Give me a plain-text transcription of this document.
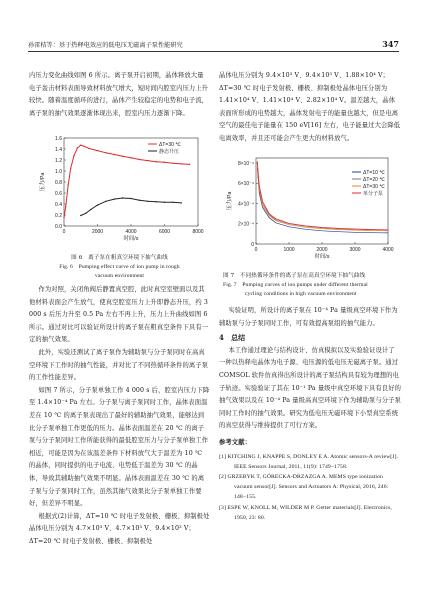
孙雷桔等：基于热释电效应的低电压无磁离子泵性能研究	347

内压力变化曲线如图 6 所示。离子泵开启初期，晶体释放大量电子轰击材料表面导致材料放气增大，短时间内腔室内压力上升较快。随着温度循环的进行，晶体产生较稳定的电势和电子流，离子泵的抽气效果逐渐体现出来，腔室内压力逐渐下降。

0	2000	4000	6000	8000
0.0
0.2
0.4
0.6
0.8
1.0
1.2
1.4
1.6
时间/s
压力/Pa
ΔT=30 ℃
静态升压
图 6　离子泵在粗真空环境下抽气曲线
Fig. 6　Pumping effect curve of ion pump in rough
vacuum environment

作为对照，关闭角阀后静置真空腔，此时真空室壁面以及其他材料表面会产生放气，使真空腔室压力上升即静态升压，约 3 000 s 后压力升至 0.5 Pa 左右不再上升，压力上升曲线如图 6 所示。通过对比可以验证所设计的离子泵在粗真空条件下具有一定的抽气效果。

此外，实验还测试了离子泵作为辅助泵与分子泵同时在高真空环境下工作时的抽气性能，并对比了不同热循环条件的离子泵的工作性能差异。

如图 7 所示，分子泵单独工作 4 000 s 后，腔室内压力下降至 1.4×10⁻⁴ Pa 左右。分子泵与离子泵同时工作，晶体表面温差在 10 ℃ 的离子泵表现出了最好的辅助抽气效果，能够达到比分子泵单独工作更低的压力。晶体表面温差在 20 ℃ 的离子泵与分子泵同时工作所能获得的最低腔室压力与分子泵单独工作相近，可能是因为在该温差条件下材料放气大于温差为 10 ℃ 的晶体，同时提供的电子电流、电势低于温差为 30 ℃ 的晶体，导致其辅助抽气效果不明显。晶体表面温差在 30 ℃ 的离子泵与分子泵同时工作，虽然其抽气效果比分子泵单独工作要好，但差异不明显。

根据式(2)计算，ΔT=10 ℃ 时电子发射极、栅极、抑制极处晶体电压分别为 4.7×10³ V、4.7×10³ V、9.4×10³ V；ΔT=20 ℃ 时电子发射极、栅极、抑制极处

晶体电压分别为 9.4×10³ V、9.4×10³ V、1.88×10⁴ V；ΔT=30 ℃ 时电子发射极、栅极、抑制极处晶体电压分别为 1.41×10⁴ V、1.41×10⁴ V、2.82×10⁴ V。温差越大，晶体表面所形成的电势越大，晶体发射电子的能量也越大，但是电离空气的最佳电子能量在 150 eV[16] 左右，电子能量过大会降低电离效率，并且还可能会产生更大的材料放气。

0	1000	2000	3000	4000
0
2×10⁻⁴
4×10⁻⁴
6×10⁻⁴
8×10⁻⁴
时间/s
压力/Pa
ΔT=10 ℃
ΔT=20 ℃
ΔT=30 ℃
单分子泵
图 7　不同热循环条件的离子泵在高真空环境下抽气曲线
Fig. 7　Pumping curves of ion pumps under different thermal
cycling conditions in high vacuum environment

实验证明，所设计的离子泵在 10⁻⁴ Pa 量级真空环境下作为辅助泵与分子泵同时工作，可有效提高泵组的抽气能力。

4　总结

本工作通过理论与结构设计、仿真模拟以及实验验证设计了一种以热释电晶体为电子源、电压源的低电压无磁离子泵。通过 COMSOL 软件仿真得出所设计的离子泵结构具有较为理想的电子轨迹。实验验证了其在 10⁻¹ Pa 量级中真空环境下具有良好的抽气效果以及在 10⁻⁴ Pa 量级高真空环境下作为辅助泵与分子泵同时工作时的抽气效果。研究为低电压无磁环境下小型真空系统的真空获得与维持提供了可行方案。

参考文献：

[1] KITCHING J, KNAPPE S, DONLEY E A. Atomic sensors-A review[J]. IEEE Sensors Journal, 2011, 11(9): 1749−1758.

[2] GRZEBYK T, GÓRECKA-DRZAZGA A. MEMS type ionization vacuum sensor[J]. Sensors and Actuators A: Physical, 2016, 246: 148−155.

[3] ESPE W, KNOLL M, WILDER M P. Getter materials[J]. Electronics, 1950, 23: 80.
